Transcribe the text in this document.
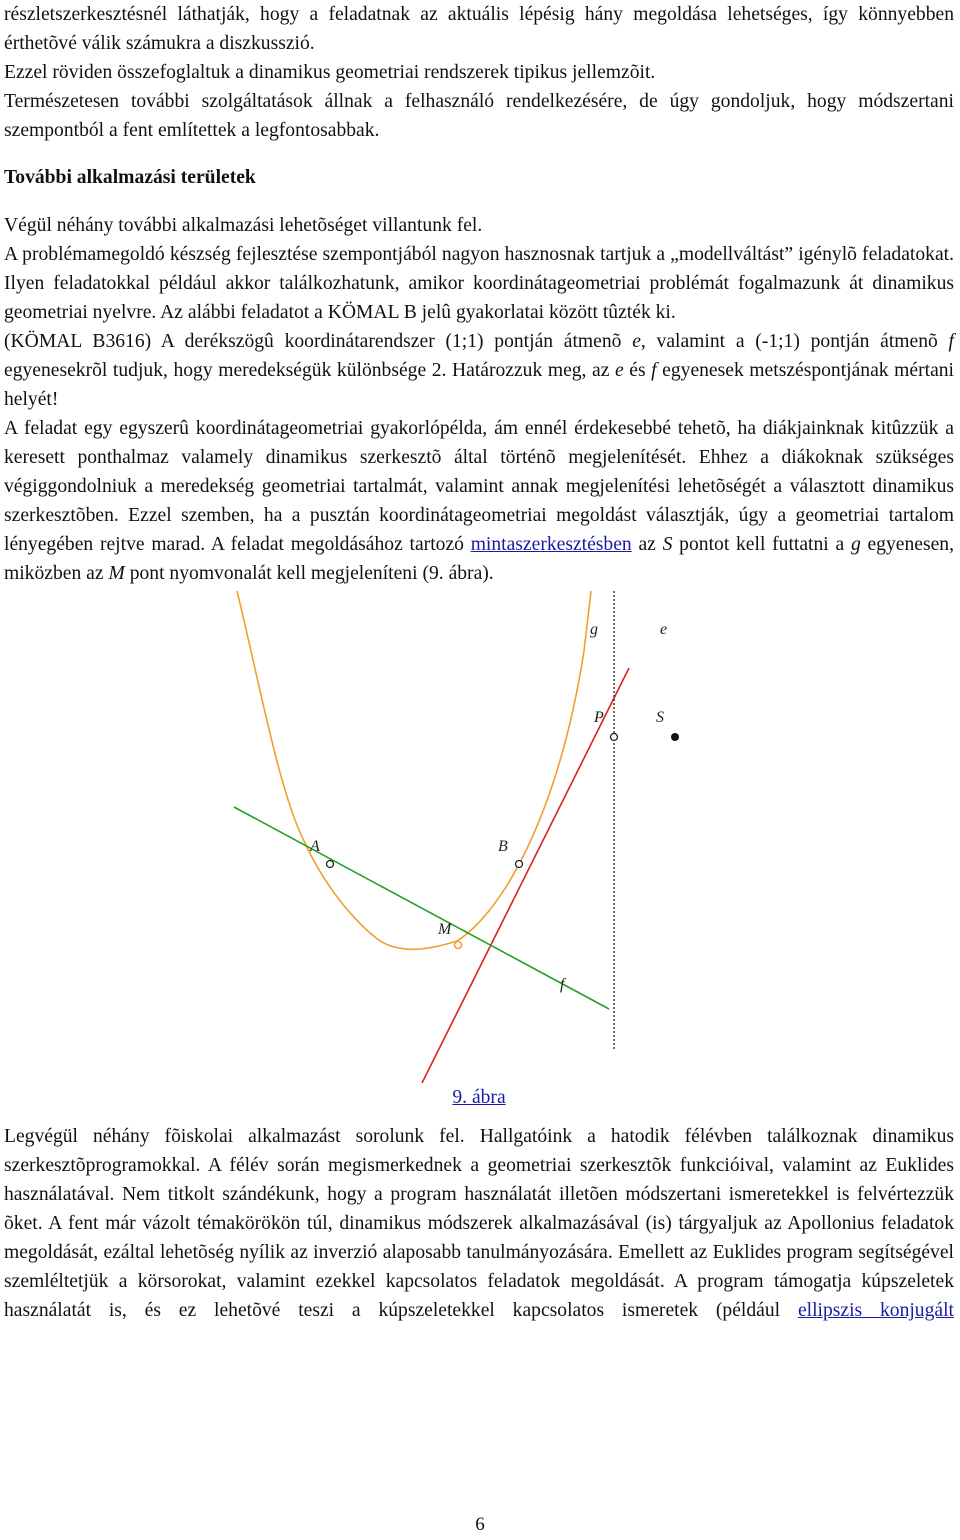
részletszerkesztésnél láthatják, hogy a feladatnak az aktuális lépésig hány megoldása lehetséges, így könnyebben érthetõvé válik számukra a diszkusszió.

Ezzel röviden összefoglaltuk a dinamikus geometriai rendszerek tipikus jellemzõit.

Természetesen további szolgáltatások állnak a felhasználó rendelkezésére, de úgy gondoljuk, hogy módszertani szempontból a fent említettek a legfontosabbak.

További alkalmazási területek

Végül néhány további alkalmazási lehetõséget villantunk fel.

A problémamegoldó készség fejlesztése szempontjából nagyon hasznosnak tartjuk a „modellváltást” igénylõ feladatokat. Ilyen feladatokkal például akkor találkozhatunk, amikor koordinátageometriai problémát fogalmazunk át dinamikus geometriai nyelvre. Az alábbi feladatot a KÖMAL B jelû gyakorlatai között tûzték ki.

(KÖMAL B3616) A derékszögû koordinátarendszer (1;1) pontján átmenõ e, valamint a (-1;1) pontján átmenõ f egyenesekrõl tudjuk, hogy meredekségük különbsége 2. Határozzuk meg, az e és f egyenesek metszéspontjának mértani helyét!

A feladat egy egyszerû koordinátageometriai gyakorlópélda, ám ennél érdekesebbé tehetõ, ha diákjainknak kitûzzük a keresett ponthalmaz valamely dinamikus szerkesztõ által történõ megjelenítését. Ehhez a diákoknak szükséges végiggondolniuk a meredekség geometriai tartalmát, valamint annak megjelenítési lehetõségét a választott dinamikus szerkesztõben. Ezzel szemben, ha a pusztán koordinátageometriai megoldást választják, úgy a geometriai tartalom lényegében rejtve marad. A feladat megoldásához tartozó mintaszerkesztésben az S pontot kell futtatni a g egyenesen, miközben az M pont nyomvonalát kell megjeleníteni (9. ábra).

g	e
P	S
A	B
M
f

9. ábra

Legvégül néhány fõiskolai alkalmazást sorolunk fel. Hallgatóink a hatodik félévben találkoznak dinamikus szerkesztõprogramokkal. A félév során megismerkednek a geometriai szerkesztõk funkcióival, valamint az Euklides használatával. Nem titkolt szándékunk, hogy a program használatát illetõen módszertani ismeretekkel is felvértezzük õket. A fent már vázolt témakörökön túl, dinamikus módszerek alkalmazásával (is) tárgyaljuk az Apollonius feladatok megoldását, ezáltal lehetõség nyílik az inverzió alaposabb tanulmányozására. Emellett az Euklides program segítségével szemléltetjük a körsorokat, valamint ezekkel kapcsolatos feladatok megoldását. A program támogatja kúpszeletek használatát is, és ez lehetõvé teszi a kúpszeletekkel kapcsolatos ismeretek (például ellipszis konjugált

6
